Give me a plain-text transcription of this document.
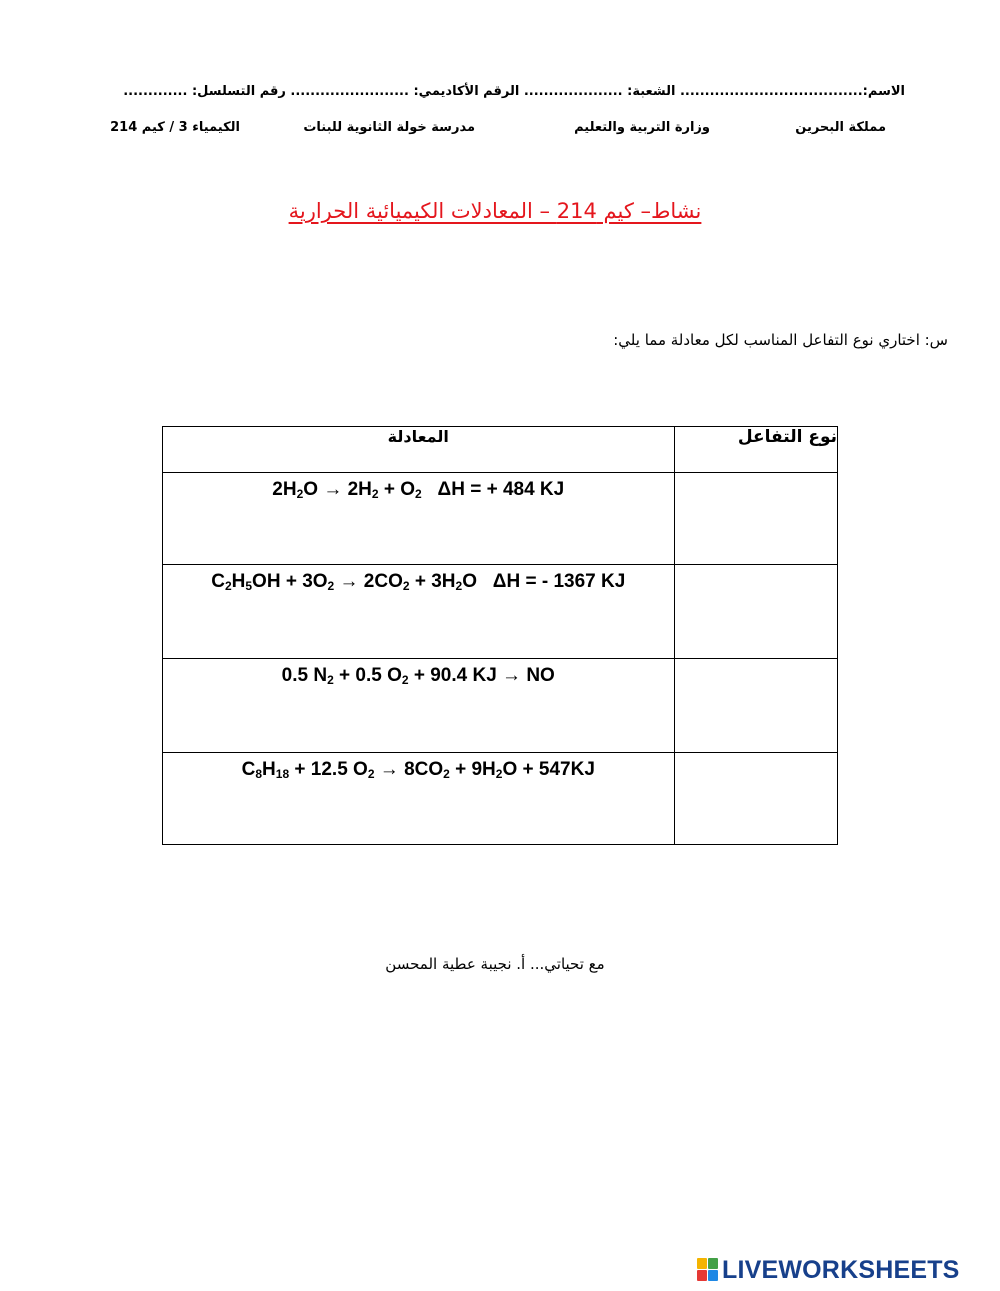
الاسم:..................................... الشعبة: .................... الرقم الأكاديمي: ........................ رقم التسلسل: .............
مملكة البحرين
وزارة التربية والتعليم
مدرسة خولة الثانوية للبنات
الكيمياء 3 / كيم 214
نشاط– كيم 214 – المعادلات الكيميائية الحرارية
س: اختاري نوع التفاعل المناسب لكل معادلة مما يلي:
المعادلة	نوع التفاعل

$2H_2O \to 2H_2 + O_2$   ΔH = + 484 KJ	

$C_2H_5OH + 3O_2 \to 2CO_2 + 3H_2O$   ΔH = - 1367 KJ	

0.5 $N_2 + 0.5$ $O_2 + 90.4$ KJ → NO	

$C_8H_{18} + 12.5$ $O_2 \to 8CO_2 + 9H_2O + 547KJ$	

مع تحياتي... أ. نجيبة عطية المحسن
LIVEWORKSHEETS
